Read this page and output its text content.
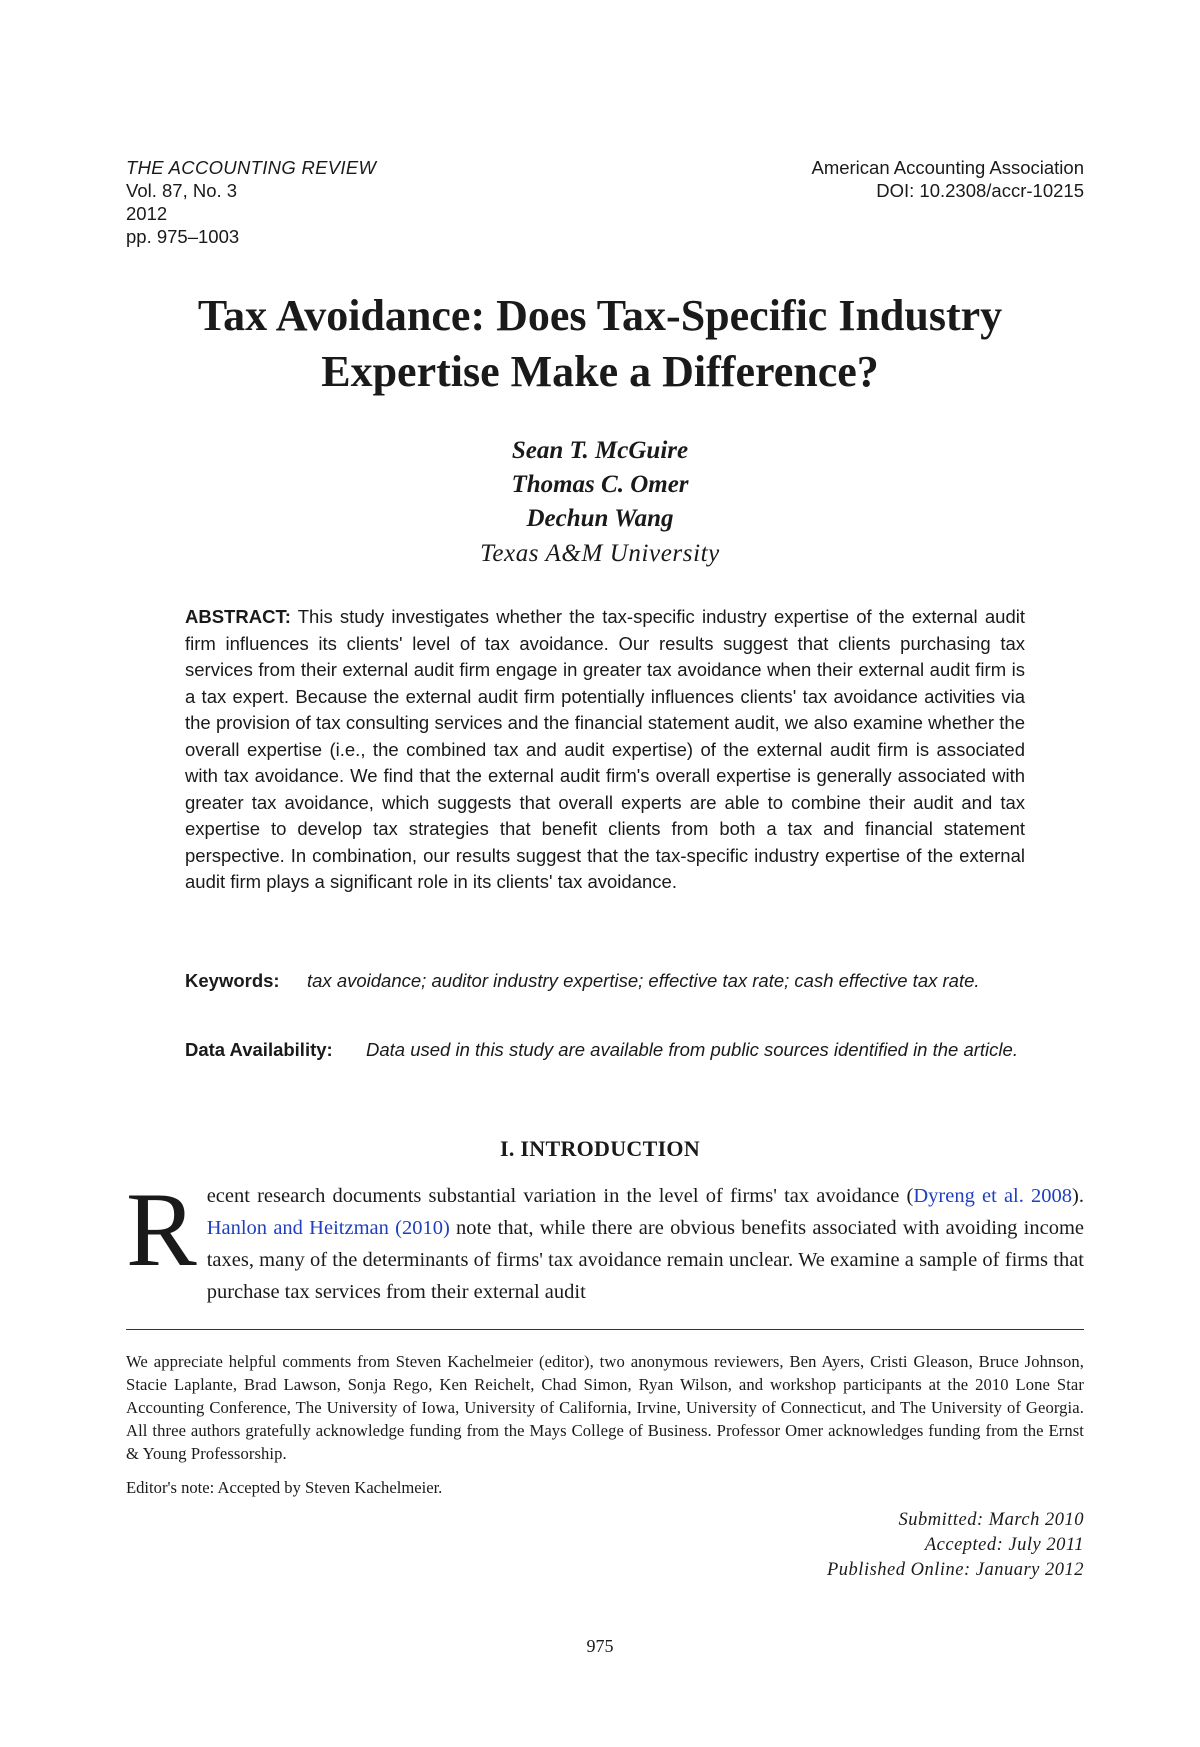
THE ACCOUNTING REVIEW
Vol. 87, No. 3
2012
pp. 975–1003
American Accounting Association
DOI: 10.2308/accr-10215
Tax Avoidance: Does Tax-Specific Industry
Expertise Make a Difference?
Sean T. McGuire
Thomas C. Omer
Dechun Wang
Texas A&M University
ABSTRACT: This study investigates whether the tax-specific industry expertise of the external audit firm influences its clients' level of tax avoidance. Our results suggest that clients purchasing tax services from their external audit firm engage in greater tax avoidance when their external audit firm is a tax expert. Because the external audit firm potentially influences clients' tax avoidance activities via the provision of tax consulting services and the financial statement audit, we also examine whether the overall expertise (i.e., the combined tax and audit expertise) of the external audit firm is associated with tax avoidance. We find that the external audit firm's overall expertise is generally associated with greater tax avoidance, which suggests that overall experts are able to combine their audit and tax expertise to develop tax strategies that benefit clients from both a tax and financial statement perspective. In combination, our results suggest that the tax-specific industry expertise of the external audit firm plays a significant role in its clients' tax avoidance.
Keywords: tax avoidance; auditor industry expertise; effective tax rate; cash effective tax rate.
Data Availability: Data used in this study are available from public sources identified in the article.
I. INTRODUCTION
R ecent research documents substantial variation in the level of firms' tax avoidance (Dyreng et al. 2008). Hanlon and Heitzman (2010) note that, while there are obvious benefits associated with avoiding income taxes, many of the determinants of firms' tax avoidance remain unclear. We examine a sample of firms that purchase tax services from their external audit
We appreciate helpful comments from Steven Kachelmeier (editor), two anonymous reviewers, Ben Ayers, Cristi Gleason, Bruce Johnson, Stacie Laplante, Brad Lawson, Sonja Rego, Ken Reichelt, Chad Simon, Ryan Wilson, and workshop participants at the 2010 Lone Star Accounting Conference, The University of Iowa, University of California, Irvine, University of Connecticut, and The University of Georgia. All three authors gratefully acknowledge funding from the Mays College of Business. Professor Omer acknowledges funding from the Ernst & Young Professorship.
Editor's note: Accepted by Steven Kachelmeier.
Submitted: March 2010
Accepted: July 2011
Published Online: January 2012
975
